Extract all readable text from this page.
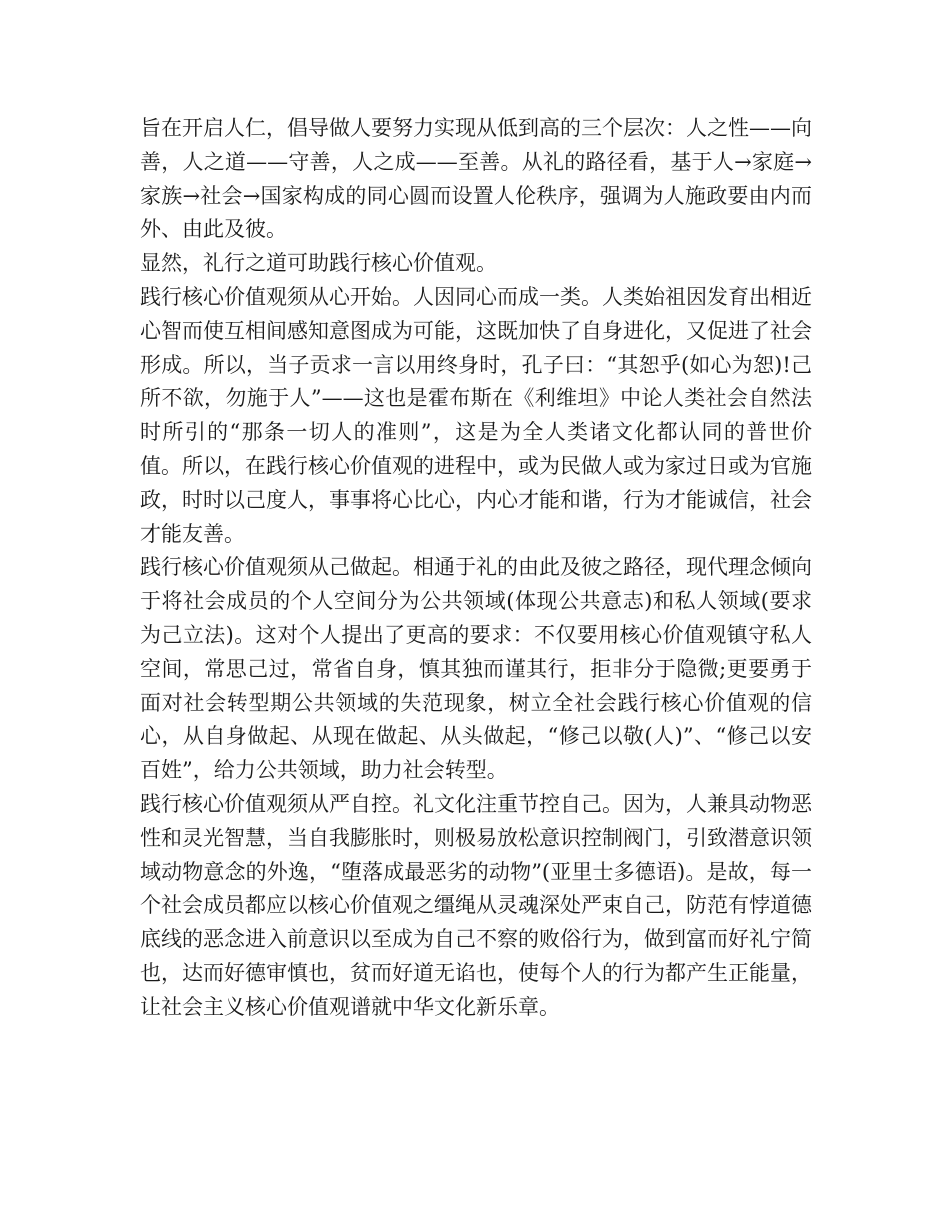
旨在开启人仁，倡导做人要努力实现从低到高的三个层次：人之性——向善，人之道——守善，人之成——至善。从礼的路径看，基于人→家庭→家族→社会→国家构成的同心圆而设置人伦秩序，强调为人施政要由内而外、由此及彼。

显然，礼行之道可助践行核心价值观。

践行核心价值观须从心开始。人因同心而成一类。人类始祖因发育出相近心智而使互相间感知意图成为可能，这既加快了自身进化，又促进了社会形成。所以，当子贡求一言以用终身时，孔子曰：“其恕乎(如心为恕)!己所不欲，勿施于人”——这也是霍布斯在《利维坦》中论人类社会自然法时所引的“那条一切人的准则”，这是为全人类诸文化都认同的普世价值。所以，在践行核心价值观的进程中，或为民做人或为家过日或为官施政，时时以己度人，事事将心比心，内心才能和谐，行为才能诚信，社会才能友善。

践行核心价值观须从己做起。相通于礼的由此及彼之路径，现代理念倾向于将社会成员的个人空间分为公共领域(体现公共意志)和私人领域(要求为己立法)。这对个人提出了更高的要求：不仅要用核心价值观镇守私人空间，常思己过，常省自身，慎其独而谨其行，拒非分于隐微;更要勇于面对社会转型期公共领域的失范现象，树立全社会践行核心价值观的信心，从自身做起、从现在做起、从头做起，“修己以敬(人)”、“修己以安百姓”，给力公共领域，助力社会转型。

践行核心价值观须从严自控。礼文化注重节控自己。因为，人兼具动物恶性和灵光智慧，当自我膨胀时，则极易放松意识控制阀门，引致潜意识领域动物意念的外逸，“堕落成最恶劣的动物”(亚里士多德语)。是故，每一个社会成员都应以核心价值观之缰绳从灵魂深处严束自己，防范有悖道德底线的恶念进入前意识以至成为自己不察的败俗行为，做到富而好礼宁简也，达而好德审慎也，贫而好道无谄也，使每个人的行为都产生正能量，让社会主义核心价值观谱就中华文化新乐章。
